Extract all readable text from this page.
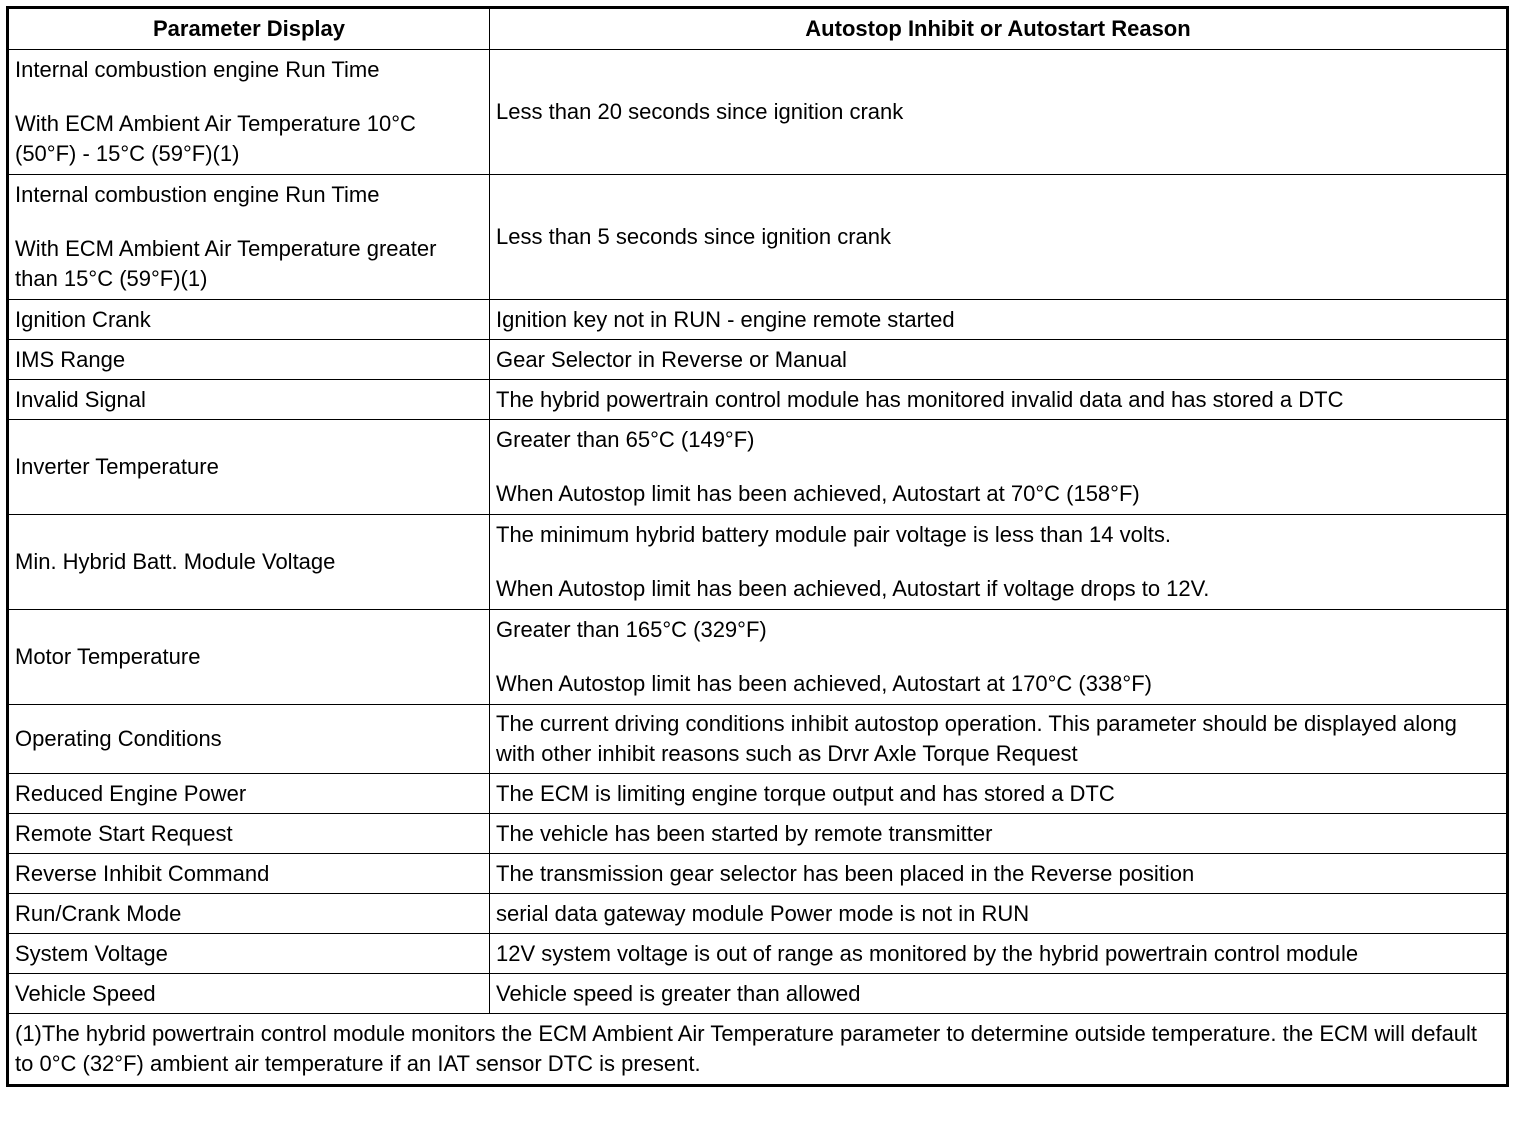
Parameter Display	Autostop Inhibit or Autostart Reason

Internal combustion engine Run Time
With ECM Ambient Air Temperature 10°C (50°F) - 15°C (59°F)(1)	Less than 20 seconds since ignition crank

Internal combustion engine Run Time
With ECM Ambient Air Temperature greater than 15°C (59°F)(1)	Less than 5 seconds since ignition crank

Ignition Crank	Ignition key not in RUN - engine remote started
IMS Range	Gear Selector in Reverse or Manual
Invalid Signal	The hybrid powertrain control module has monitored invalid data and has stored a DTC
Inverter Temperature	Greater than 65°C (149°F)
When Autostop limit has been achieved, Autostart at 70°C (158°F)

Min. Hybrid Batt. Module Voltage	The minimum hybrid battery module pair voltage is less than 14 volts.
When Autostop limit has been achieved, Autostart if voltage drops to 12V.

Motor Temperature	Greater than 165°C (329°F)
When Autostop limit has been achieved, Autostart at 170°C (338°F)

Operating Conditions	The current driving conditions inhibit autostop operation. This parameter should be displayed along with other inhibit reasons such as Drvr Axle Torque Request
Reduced Engine Power	The ECM is limiting engine torque output and has stored a DTC
Remote Start Request	The vehicle has been started by remote transmitter
Reverse Inhibit Command	The transmission gear selector has been placed in the Reverse position
Run/Crank Mode	serial data gateway module Power mode is not in RUN
System Voltage	12V system voltage is out of range as monitored by the hybrid powertrain control module
Vehicle Speed	Vehicle speed is greater than allowed
(1)The hybrid powertrain control module monitors the ECM Ambient Air Temperature parameter to determine outside temperature. the ECM will default to 0°C (32°F) ambient air temperature if an IAT sensor DTC is present.	
